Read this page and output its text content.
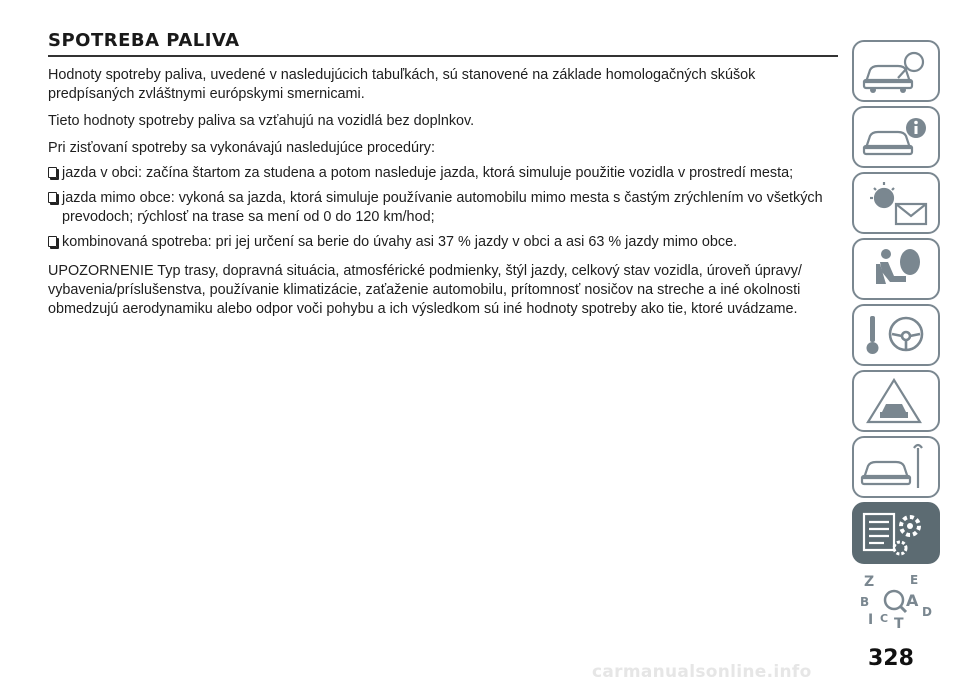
SPOTREBA PALIVA

Hodnoty spotreby paliva, uvedené v nasledujúcich tabuľkách, sú stanovené na základe homologačných skúšok predpísaných zvláštnymi európskymi smernicami.

Tieto hodnoty spotreby paliva sa vzťahujú na vozidlá bez doplnkov.

Pri zisťovaní spotreby sa vykonávajú nasledujúce procedúry:

jazda v obci: začína štartom za studena a potom nasleduje jazda, ktorá simuluje použitie vozidla v prostredí mesta;
jazda mimo obce: vykoná sa jazda, ktorá simuluje používanie automobilu mimo mesta s častým zrýchlením vo všetkých prevodoch; rýchlosť na trase sa mení od 0 do 120 km/hod;
kombinovaná spotreba: pri jej určení sa berie do úvahy asi 37 % jazdy v obci a asi 63 % jazdy mimo obce.

UPOZORNENIE Typ trasy, dopravná situácia, atmosférické podmienky, štýl jazdy, celkový stav vozidla, úroveň úpravy/ vybavenia/príslušenstva, používanie klimatizácie, zaťaženie automobilu, prítomnosť nosičov na streche a iné okolnosti obmedzujú aerodynamiku alebo odpor voči pohybu a ich výsledkom sú iné hodnoty spotreby ako tie, ktoré uvádzame.

Z	E
B A
D
I C T
carmanualsonline.info
328
